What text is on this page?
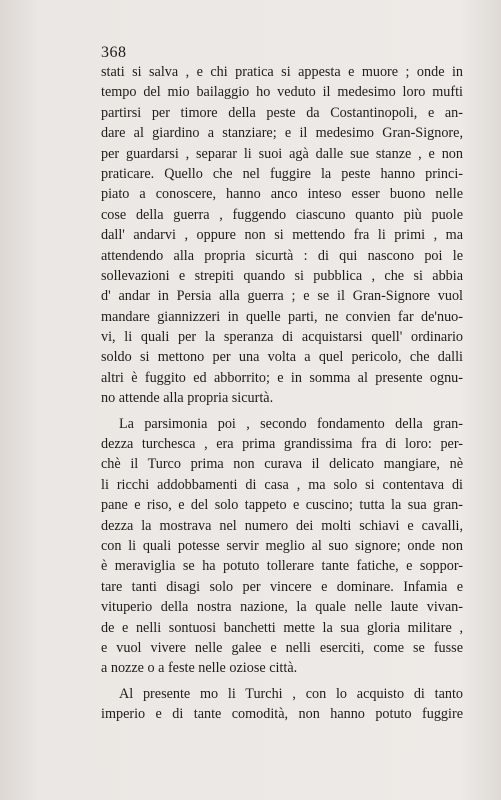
368
stati si salva , e chi pratica si appesta e muore ; onde in
tempo del mio bailaggio ho veduto il medesimo loro mufti
partirsi per timore della peste da Costantinopoli, e an-
dare al giardino a stanziare; e il medesimo Gran-Signore,
per guardarsi , separar li suoi agà dalle sue stanze , e non
praticare. Quello che nel fuggire la peste hanno princi-
piato a conoscere, hanno anco inteso esser buono nelle
cose della guerra , fuggendo ciascuno quanto più puole
dall' andarvi , oppure non si mettendo fra li primi , ma
attendendo alla propria sicurtà : di qui nascono poi le
sollevazioni e strepiti quando si pubblica , che si abbia
d' andar in Persia alla guerra ; e se il Gran-Signore vuol
mandare giannizzeri in quelle parti, ne convien far de'nuo-
vi, li quali per la speranza di acquistarsi quell' ordinario
soldo si mettono per una volta a quel pericolo, che dalli
altri è fuggito ed abborrito; e in somma al presente ognu-
no attende alla propria sicurtà.
La parsimonia poi , secondo fondamento della gran-
dezza turchesca , era prima grandissima fra di loro: per-
chè il Turco prima non curava il delicato mangiare, nè
li ricchi addobbamenti di casa , ma solo si contentava di
pane e riso, e del solo tappeto e cuscino; tutta la sua gran-
dezza la mostrava nel numero dei molti schiavi e cavalli,
con li quali potesse servir meglio al suo signore; onde non
è meraviglia se ha potuto tollerare tante fatiche, e soppor-
tare tanti disagi solo per vincere e dominare. Infamia e
vituperio della nostra nazione, la quale nelle laute vivan-
de e nelli sontuosi banchetti mette la sua gloria militare ,
e vuol vivere nelle galee e nelli eserciti, come se fusse
a nozze o a feste nelle oziose città.
Al presente mo li Turchi , con lo acquisto di tanto
imperio e di tante comodità, non hanno potuto fuggire
